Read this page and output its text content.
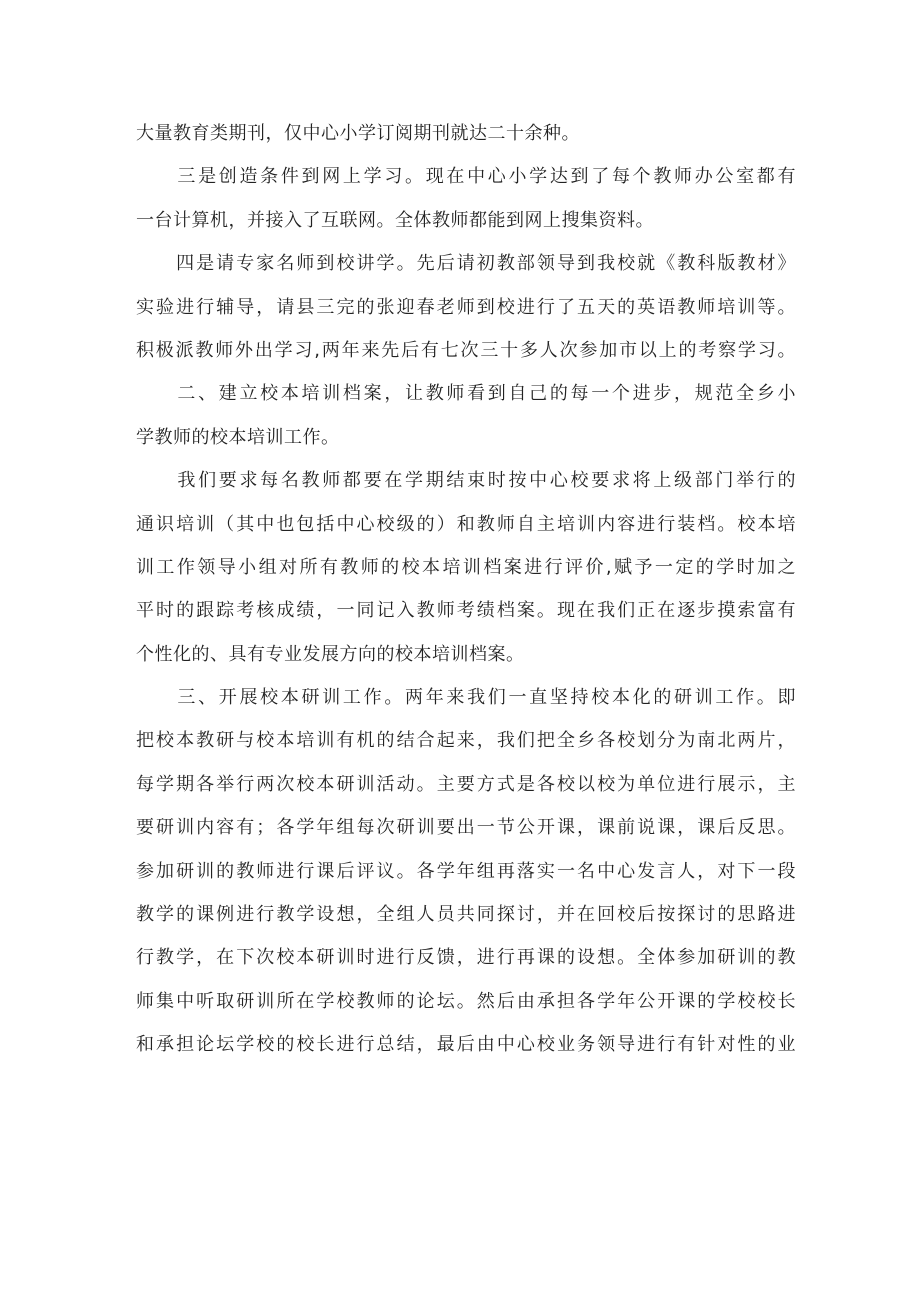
大量教育类期刊，仅中心小学订阅期刊就达二十余种。
　　三是创造条件到网上学习。现在中心小学达到了每个教师办公室都有
一台计算机，并接入了互联网。全体教师都能到网上搜集资料。
　　四是请专家名师到校讲学。先后请初教部领导到我校就《教科版教材》
实验进行辅导，请县三完的张迎春老师到校进行了五天的英语教师培训等。
积极派教师外出学习,两年来先后有七次三十多人次参加市以上的考察学习。
　　二、建立校本培训档案，让教师看到自己的每一个进步，规范全乡小
学教师的校本培训工作。
　　我们要求每名教师都要在学期结束时按中心校要求将上级部门举行的
通识培训（其中也包括中心校级的）和教师自主培训内容进行装档。校本培
训工作领导小组对所有教师的校本培训档案进行评价,赋予一定的学时加之
平时的跟踪考核成绩，一同记入教师考绩档案。现在我们正在逐步摸索富有
个性化的、具有专业发展方向的校本培训档案。
　　三、开展校本研训工作。两年来我们一直坚持校本化的研训工作。即
把校本教研与校本培训有机的结合起来，我们把全乡各校划分为南北两片，
每学期各举行两次校本研训活动。主要方式是各校以校为单位进行展示，主
要研训内容有；各学年组每次研训要出一节公开课，课前说课，课后反思。
参加研训的教师进行课后评议。各学年组再落实一名中心发言人，对下一段
教学的课例进行教学设想，全组人员共同探讨，并在回校后按探讨的思路进
行教学，在下次校本研训时进行反馈，进行再课的设想。全体参加研训的教
师集中听取研训所在学校教师的论坛。然后由承担各学年公开课的学校校长
和承担论坛学校的校长进行总结，最后由中心校业务领导进行有针对性的业
